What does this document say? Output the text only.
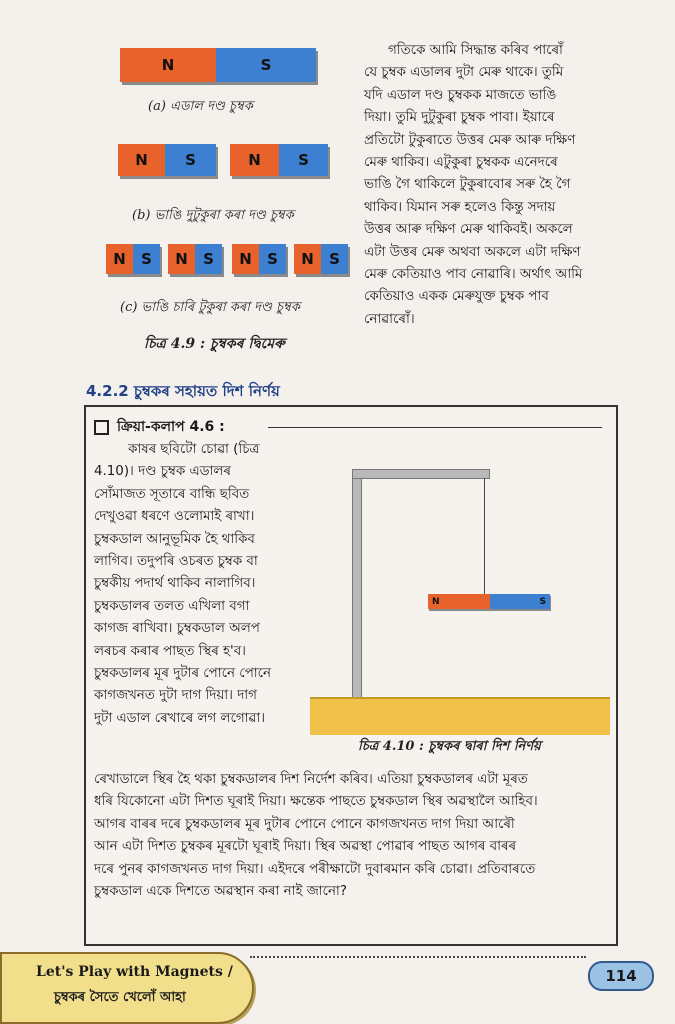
N	S
(a) এডাল দণ্ড চুম্বক
N	S	N	S
(b) ভাঙি দুটুকুৰা কৰা দণ্ড চুম্বক
N	S	N	S	N	S	N	S
(c) ভাঙি চাৰি টুকুৰা কৰা দণ্ড চুম্বক
চিত্ৰ 4.9 : চুম্বকৰ দ্বিমেৰু

গতিকে আমি সিদ্ধান্ত কৰিব পাৰোঁ

যে চুম্বক এডালৰ দুটা মেৰু থাকে। তুমি

যদি এডাল দণ্ড চুম্বকক মাজতে ভাঙি

দিয়া। তুমি দুটুকুৰা চুম্বক পাবা। ইয়াৰে

প্ৰতিটো টুকুৰাতে উত্তৰ মেৰু আৰু দক্ষিণ

মেৰু থাকিব। এটুকুৰা চুম্বকক এনেদৰে

ভাঙি গৈ থাকিলে টুকুৰাবোৰ সৰু হৈ গৈ

থাকিব। যিমান সৰু হলেও কিন্তু সদায়

উত্তৰ আৰু দক্ষিণ মেৰু থাকিবই। অকলে

এটা উত্তৰ মেৰু অথবা অকলে এটা দক্ষিণ

মেৰু কেতিয়াও পাব নোৱাৰি। অৰ্থাৎ আমি

কেতিয়াও একক মেৰুযুক্ত চুম্বক পাব

নোৱাৰোঁ।

4.2.2 চুম্বকৰ সহায়ত দিশ নিৰ্ণয়
ক্ৰিয়া-কলাপ 4.6 :
কাষৰ ছবিটো চোৱা (চিত্ৰ
4.10)। দণ্ড চুম্বক এডালৰ
সোঁমাজত সূতাৰে বান্ধি ছবিত
দেখুওৱা ধৰণে ওলোমাই ৰাখা।
চুম্বকডাল আনুভূমিক হৈ থাকিব
লাগিব। তদুপৰি ওচৰত চুম্বক বা
চুম্বকীয় পদাৰ্থ থাকিব নালাগিব।
চুম্বকডালৰ তলত এখিলা বগা
কাগজ ৰাখিবা। চুম্বকডাল অলপ
লৰচৰ কৰাৰ পাছত স্থিৰ হ'ব।
চুম্বকডালৰ মূৰ দুটাৰ পোনে পোনে
কাগজখনত দুটা দাগ দিয়া। দাগ
দুটা এডাল ৰেখাৰে লগ লগোৱা।
N	S
চিত্ৰ 4.10 : চুম্বকৰ দ্বাৰা দিশ নিৰ্ণয়
ৰেখাডালে স্থিৰ হৈ থকা চুম্বকডালৰ দিশ নিৰ্দেশ কৰিব। এতিয়া চুম্বকডালৰ এটা মূৰত
ধৰি যিকোনো এটা দিশত ঘূৰাই দিয়া। ক্ষন্তেক পাছতে চুম্বকডাল স্থিৰ অৱস্থালৈ আহিব।
আগৰ বাৰৰ দৰে চুম্বকডালৰ মূৰ দুটাৰ পোনে পোনে কাগজখনত দাগ দিয়া আৰৌ
আন এটা দিশত চুম্বকৰ মূৰটো ঘূৰাই দিয়া। স্থিৰ অৱস্থা পোৱাৰ পাছত আগৰ বাৰৰ
দৰে পুনৰ কাগজখনত দাগ দিয়া। এইদৰে পৰীক্ষাটো দুবাৰমান কৰি চোৱা। প্ৰতিবাৰতে
চুম্বকডাল একে দিশতে অৱস্থান কৰা নাই জানো?
Let's Play with Magnets /
চুম্বকৰ সৈতে খেলোঁ আহা
114
